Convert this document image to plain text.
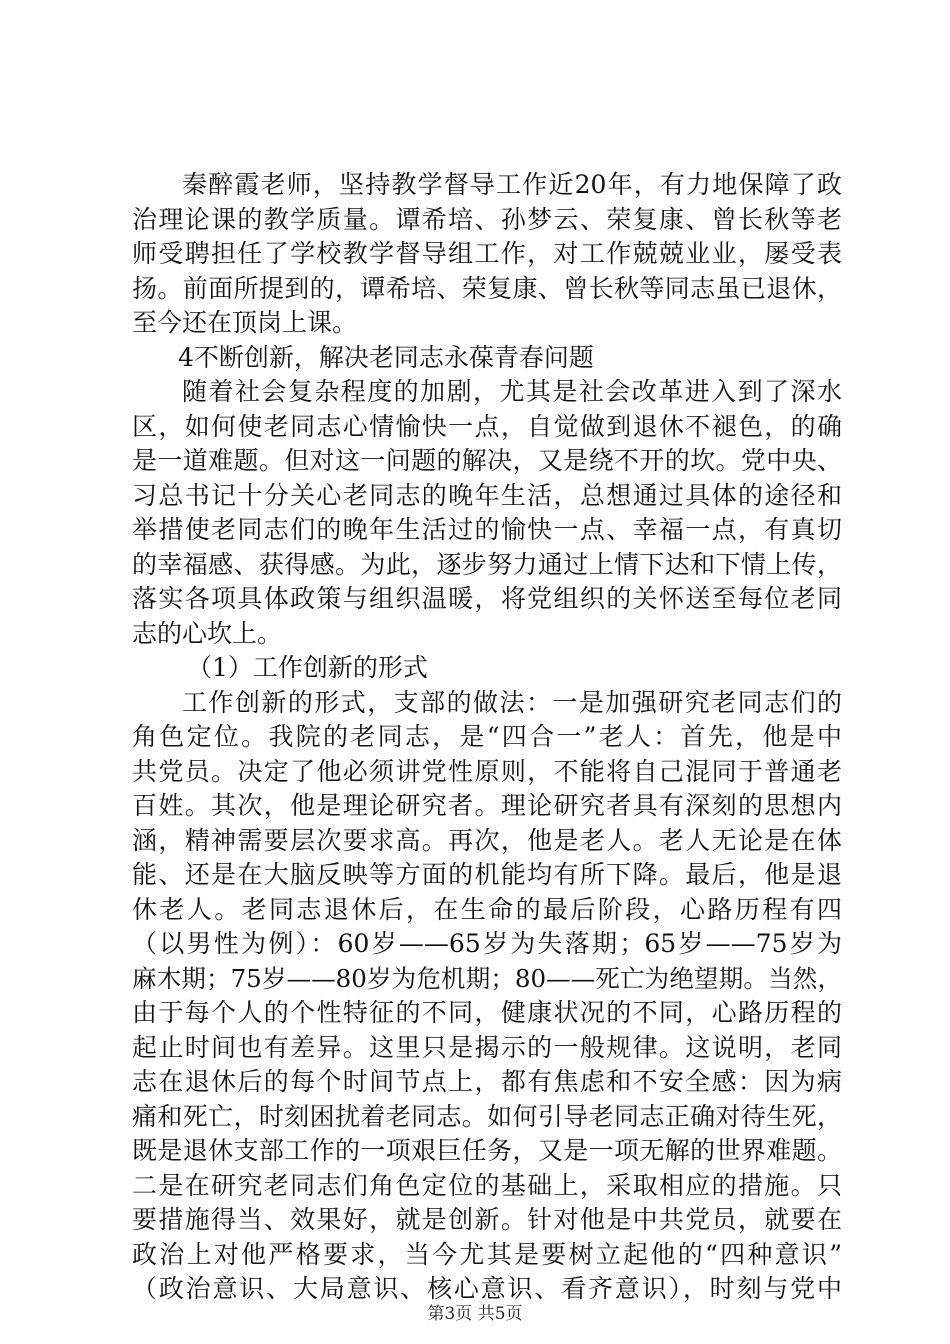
秦醉霞老师，坚持教学督导工作近20年，有力地保障了政
治理论课的教学质量。谭希培、孙梦云、荣复康、曾长秋等老
师受聘担任了学校教学督导组工作，对工作兢兢业业，屡受表
扬。前面所提到的，谭希培、荣复康、曾长秋等同志虽已退休，
至今还在顶岗上课。
4不断创新，解决老同志永葆青春问题
随着社会复杂程度的加剧，尤其是社会改革进入到了深水
区，如何使老同志心情愉快一点，自觉做到退休不褪色，的确
是一道难题。但对这一问题的解决，又是绕不开的坎。党中央、
习总书记十分关心老同志的晚年生活，总想通过具体的途径和
举措使老同志们的晚年生活过的愉快一点、幸福一点，有真切
的幸福感、获得感。为此，逐步努力通过上情下达和下情上传，
落实各项具体政策与组织温暖，将党组织的关怀送至每位老同
志的心坎上。
（1）工作创新的形式
工作创新的形式，支部的做法：一是加强研究老同志们的
角色定位。我院的老同志，是“四合一”老人：首先，他是中
共党员。决定了他必须讲党性原则，不能将自己混同于普通老
百姓。其次，他是理论研究者。理论研究者具有深刻的思想内
涵，精神需要层次要求高。再次，他是老人。老人无论是在体
能、还是在大脑反映等方面的机能均有所下降。最后，他是退
休老人。老同志退休后，在生命的最后阶段，心路历程有四
（以男性为例）：60岁——65岁为失落期；65岁——75岁为
麻木期；75岁——80岁为危机期；80——死亡为绝望期。当然，
由于每个人的个性特征的不同，健康状况的不同，心路历程的
起止时间也有差异。这里只是揭示的一般规律。这说明，老同
志在退休后的每个时间节点上，都有焦虑和不安全感：因为病
痛和死亡，时刻困扰着老同志。如何引导老同志正确对待生死，
既是退休支部工作的一项艰巨任务，又是一项无解的世界难题。
二是在研究老同志们角色定位的基础上，采取相应的措施。只
要措施得当、效果好，就是创新。针对他是中共党员，就要在
政治上对他严格要求，当今尤其是要树立起他的“四种意识”
（政治意识、大局意识、核心意识、看齐意识），时刻与党中
第3页 共5页
